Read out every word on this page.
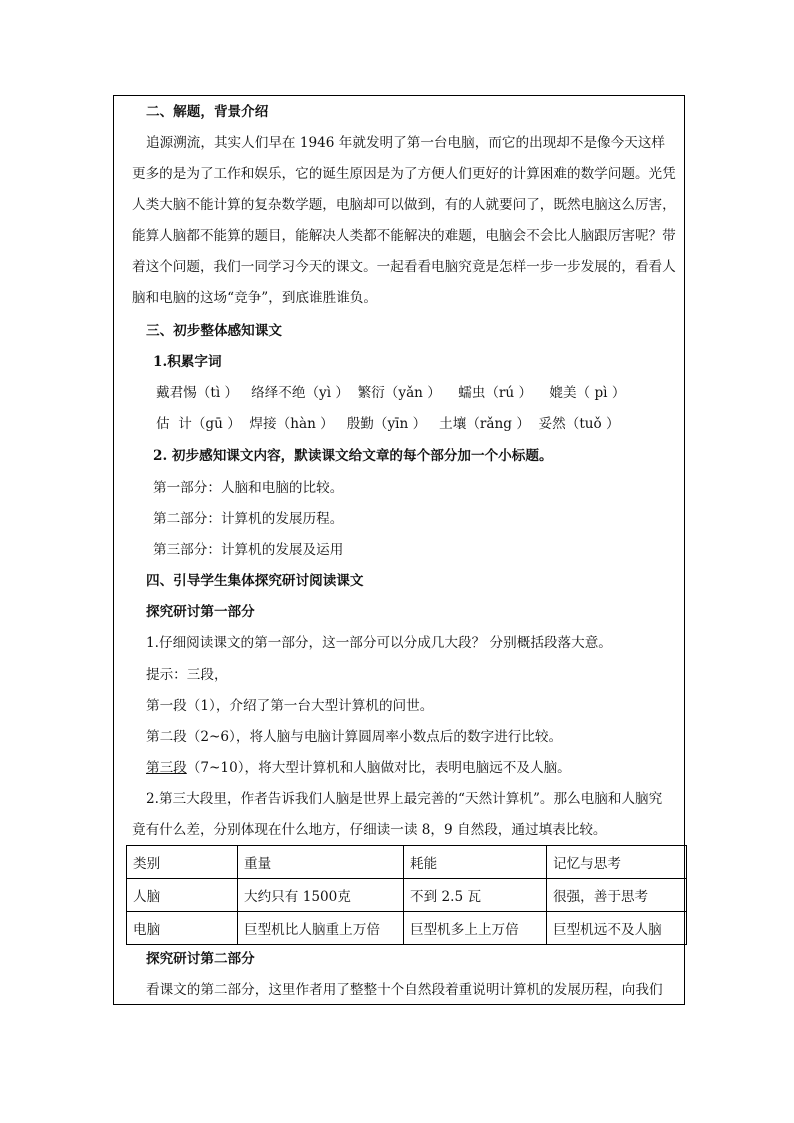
二、解题，背景介绍
追源溯流，其实人们早在 1946 年就发明了第一台电脑，而它的出现却不是像今天这样
更多的是为了工作和娱乐，它的诞生原因是为了方便人们更好的计算困难的数学问题。光凭
人类大脑不能计算的复杂数学题，电脑却可以做到，有的人就要问了，既然电脑这么厉害，
能算人脑都不能算的题目，能解决人类都不能解决的难题，电脑会不会比人脑跟厉害呢？带
着这个问题，我们一同学习今天的课文。一起看看电脑究竟是怎样一步一步发展的，看看人
脑和电脑的这场“竞争”，到底谁胜谁负。
三、初步整体感知课文
1.积累字词
戴君惕（tì ）   络绎不绝（yì ）  繁衍（yǎn ）    蠕虫（rú ）    媲美（ pì ）
估  计（gū ）  焊接（hàn ）   殷勤（yīn ）   土壤（rǎng ）  妥然（tuǒ ）
2. 初步感知课文内容，默读课文给文章的每个部分加一个小标题。
第一部分：人脑和电脑的比较。
第二部分：计算机的发展历程。
第三部分：计算机的发展及运用
四、引导学生集体探究研讨阅读课文
探究研讨第一部分
1.仔细阅读课文的第一部分，这一部分可以分成几大段？ 分别概括段落大意。
提示：三段，
第一段（1），介绍了第一台大型计算机的问世。
第二段（2~6），将人脑与电脑计算圆周率小数点后的数字进行比较。
第三段（7~10），将大型计算机和人脑做对比，表明电脑远不及人脑。
2.第三大段里，作者告诉我们人脑是世界上最完善的“天然计算机”。那么电脑和人脑究
竟有什么差，分别体现在什么地方，仔细读一读 8，9 自然段，通过填表比较。
类别	重量	耗能	记忆与思考
人脑	大约只有 1500克	不到 2.5 瓦	很强，善于思考
电脑	巨型机比人脑重上万倍	巨型机多上上万倍	巨型机远不及人脑
探究研讨第二部分
看课文的第二部分，这里作者用了整整十个自然段着重说明计算机的发展历程，向我们
